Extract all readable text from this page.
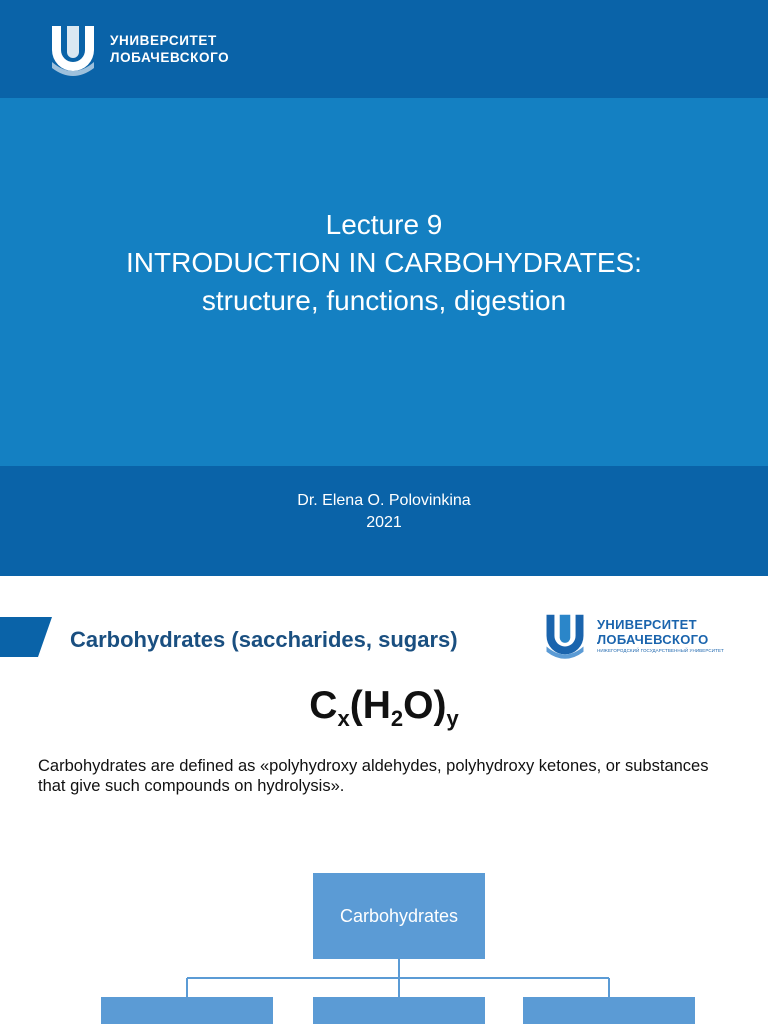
УНИВЕРСИТЕТ
ЛОБАЧЕВСКОГО
Lecture 9
INTRODUCTION IN CARBOHYDRATES:
structure, functions, digestion
Dr. Elena O. Polovinkina
2021
Carbohydrates (saccharides, sugars)
УНИВЕРСИТЕТ
ЛОБАЧЕВСКОГО
НИЖЕГОРОДСКИЙ ГОСУДАРСТВЕННЫЙ УНИВЕРСИТЕТ
$C_x(H_2O)_y$
Carbohydrates are defined as «polyhydroxy aldehydes, polyhydroxy ketones, or substances that give such compounds on hydrolysis».
Carbohydrates
